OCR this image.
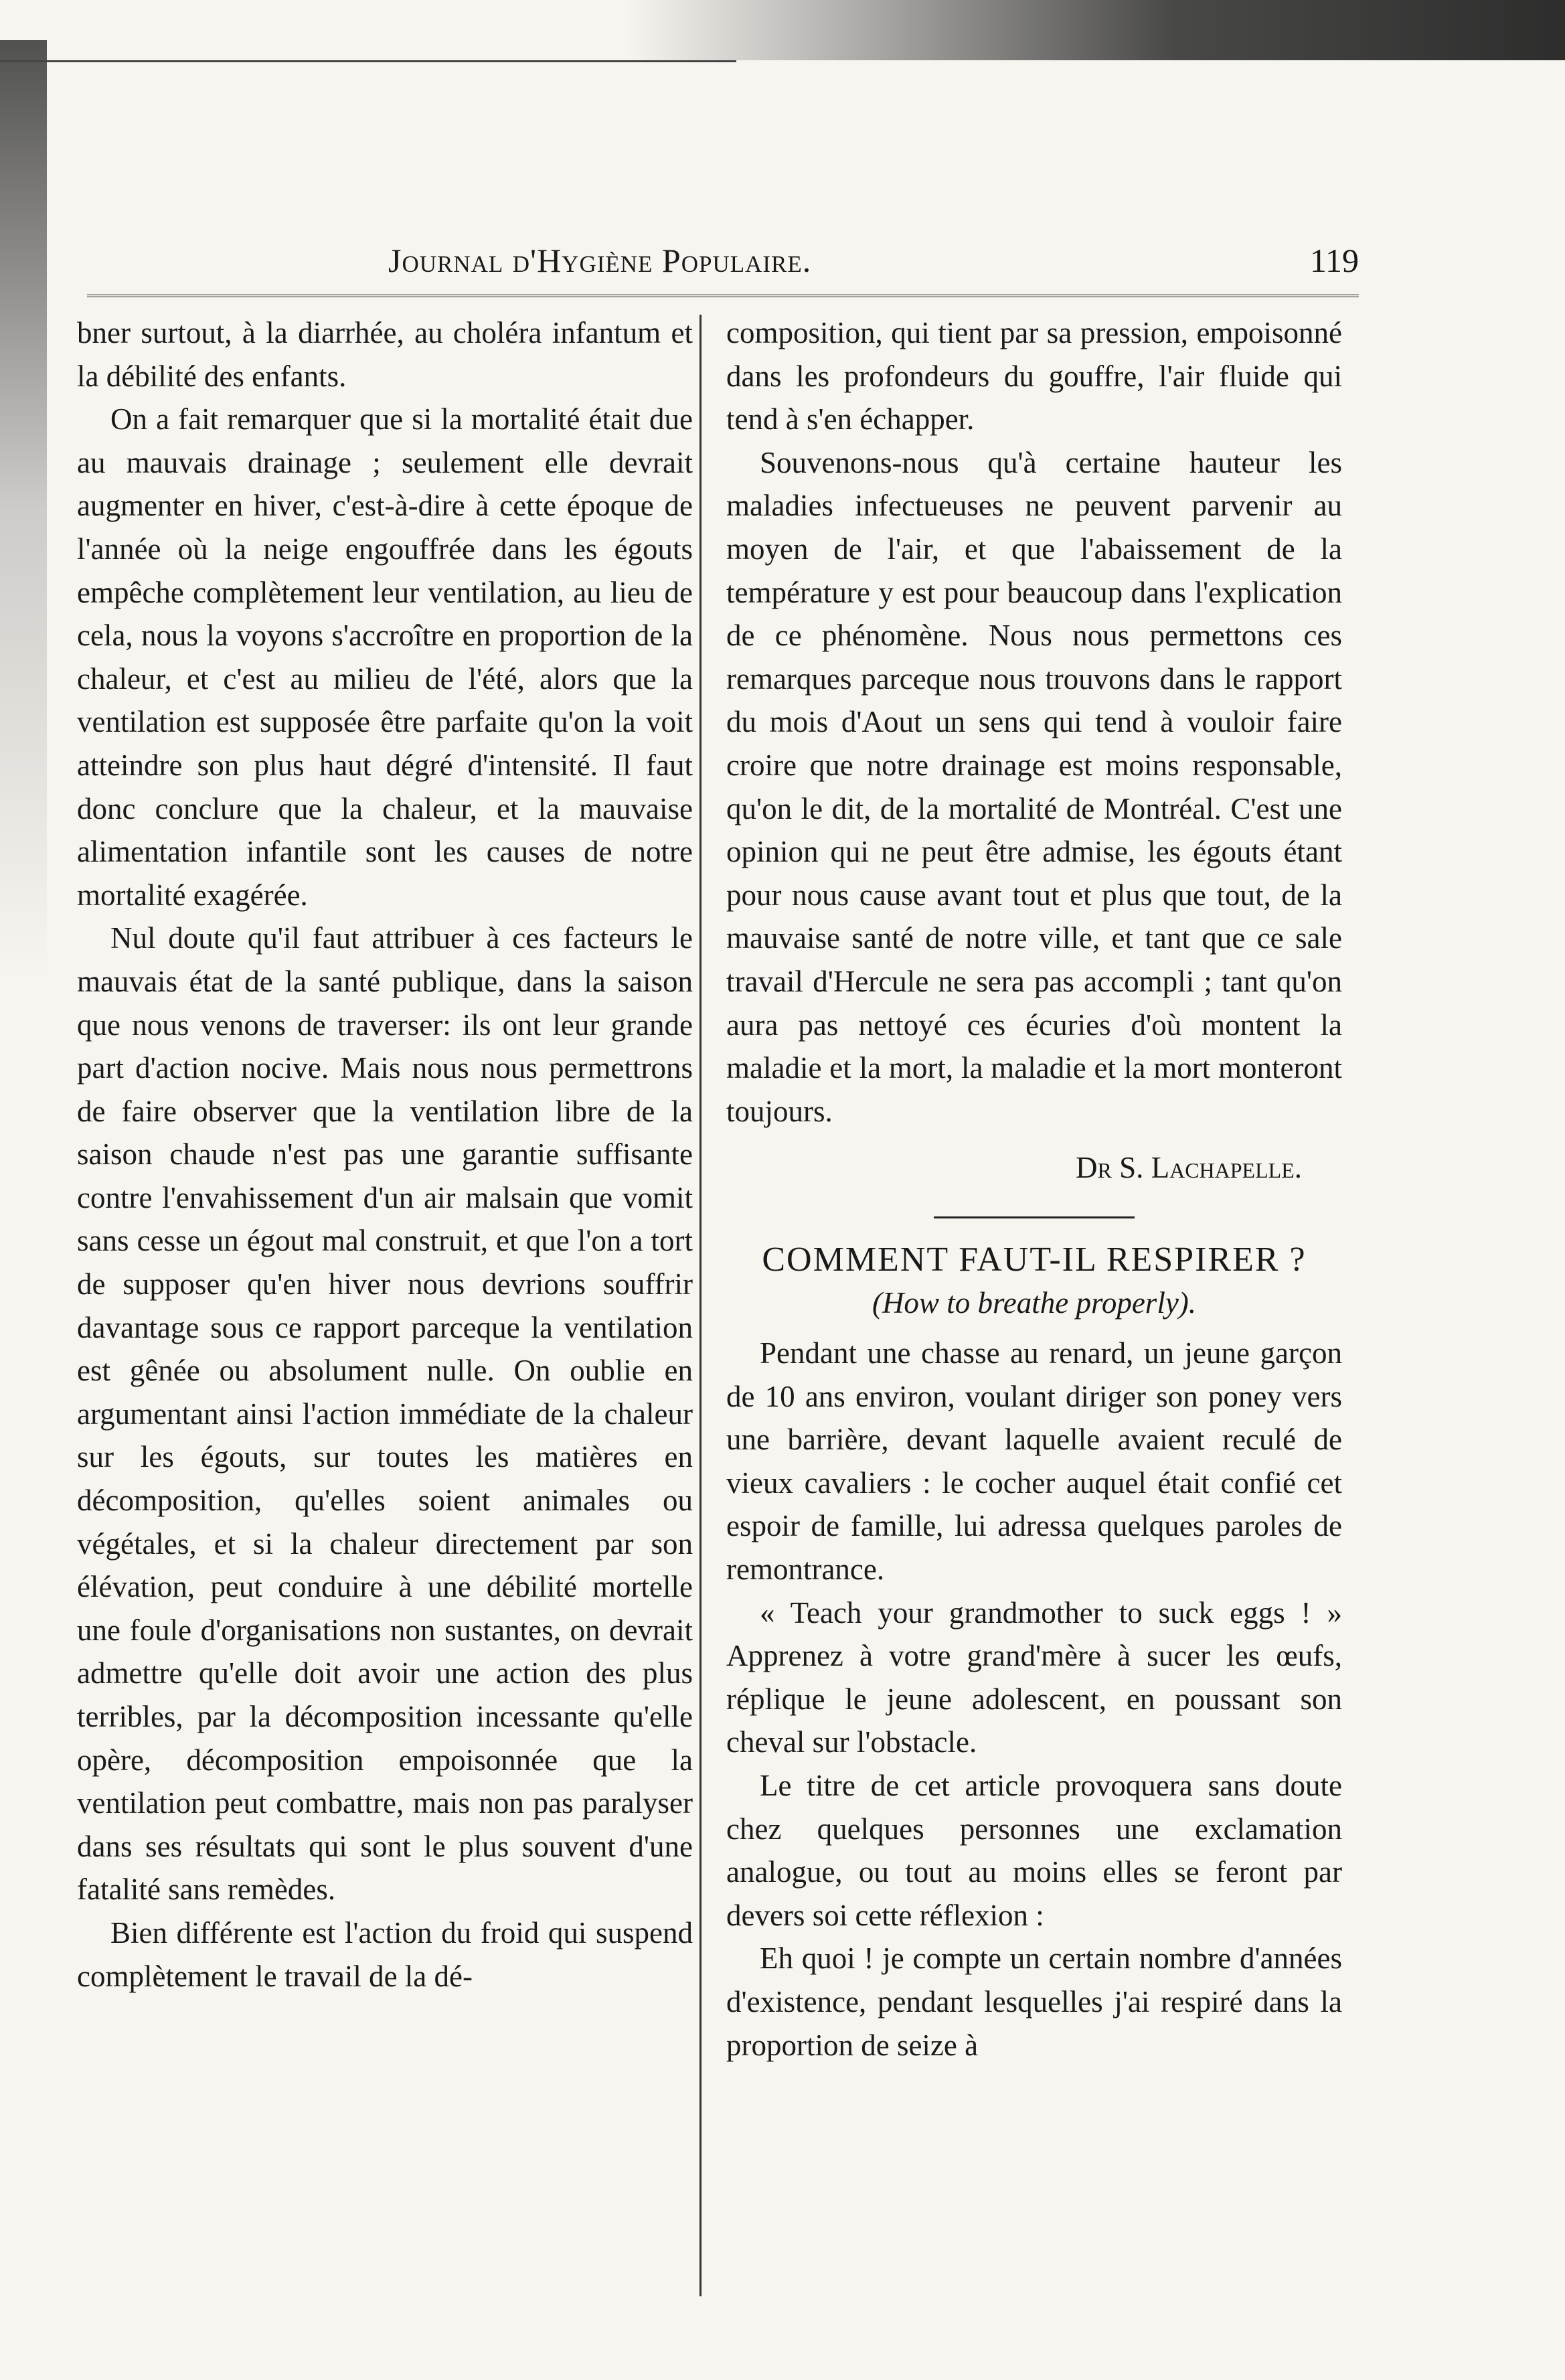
Journal d'Hygiène Populaire.	119

bner surtout, à la diarrhée, au choléra infantum et la débilité des enfants.

On a fait remarquer que si la mortalité était due au mauvais drainage ; seulement elle devrait augmenter en hiver, c'est-à-dire à cette époque de l'année où la neige engouffrée dans les égouts empêche complètement leur ventilation, au lieu de cela, nous la voyons s'accroître en proportion de la chaleur, et c'est au milieu de l'été, alors que la ventilation est supposée être parfaite qu'on la voit atteindre son plus haut dégré d'intensité. Il faut donc conclure que la chaleur, et la mauvaise alimentation infantile sont les causes de notre mortalité exagérée.

Nul doute qu'il faut attribuer à ces facteurs le mauvais état de la santé publique, dans la saison que nous venons de traverser: ils ont leur grande part d'action nocive. Mais nous nous permettrons de faire observer que la ventilation libre de la saison chaude n'est pas une garantie suffisante contre l'envahissement d'un air malsain que vomit sans cesse un égout mal construit, et que l'on a tort de supposer qu'en hiver nous devrions souffrir davantage sous ce rapport parceque la ventilation est gênée ou absolument nulle. On oublie en argumentant ainsi l'action immédiate de la chaleur sur les égouts, sur toutes les matières en décomposition, qu'elles soient animales ou végétales, et si la chaleur directement par son élévation, peut conduire à une débilité mortelle une foule d'organisations non sustantes, on devrait admettre qu'elle doit avoir une action des plus terribles, par la décomposition incessante qu'elle opère, décomposition empoisonnée que la ventilation peut combattre, mais non pas paralyser dans ses résultats qui sont le plus souvent d'une fatalité sans remèdes.

Bien différente est l'action du froid qui suspend complètement le travail de la dé-

composition, qui tient par sa pression, empoisonné dans les profondeurs du gouffre, l'air fluide qui tend à s'en échapper.

Souvenons-nous qu'à certaine hauteur les maladies infectueuses ne peuvent parvenir au moyen de l'air, et que l'abaissement de la température y est pour beaucoup dans l'explication de ce phénomène. Nous nous permettons ces remarques parceque nous trouvons dans le rapport du mois d'Aout un sens qui tend à vouloir faire croire que notre drainage est moins responsable, qu'on le dit, de la mortalité de Montréal. C'est une opinion qui ne peut être admise, les égouts étant pour nous cause avant tout et plus que tout, de la mauvaise santé de notre ville, et tant que ce sale travail d'Hercule ne sera pas accompli ; tant qu'on aura pas nettoyé ces écuries d'où montent la maladie et la mort, la maladie et la mort monteront toujours.

Dr S. Lachapelle.

COMMENT FAUT-IL RESPIRER ?

(How to breathe properly).

Pendant une chasse au renard, un jeune garçon de 10 ans environ, voulant diriger son poney vers une barrière, devant laquelle avaient reculé de vieux cavaliers : le cocher auquel était confié cet espoir de famille, lui adressa quelques paroles de remontrance.

« Teach your grandmother to suck eggs ! » Apprenez à votre grand'mère à sucer les œufs, réplique le jeune adolescent, en poussant son cheval sur l'obstacle.

Le titre de cet article provoquera sans doute chez quelques personnes une exclamation analogue, ou tout au moins elles se feront par devers soi cette réflexion :

Eh quoi ! je compte un certain nombre d'années d'existence, pendant lesquelles j'ai respiré dans la proportion de seize à
